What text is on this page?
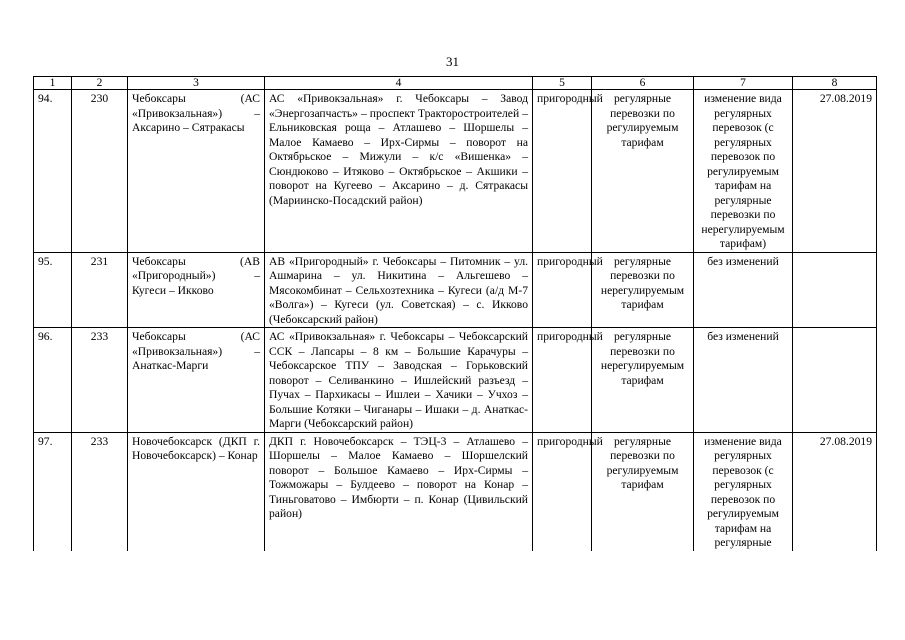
31
1	2	3	4	5	6	7	8
94.	230	Чебоксары (АС «Привокзальная») – Аксарино – Сятракасы	АС «Привокзальная» г. Чебоксары – Завод «Энергозапчасть» – проспект Тракторостроителей – Ельниковская роща – Атлашево – Шоршелы – Малое Камаево – Ирх-Сирмы – поворот на Октябрьское – Мижули – к/с «Вишенка» – Сюндюково – Итяково – Октябрьское – Акшики – поворот на Кугеево – Аксарино – д. Сятракасы (Мариинско-Посадский район)	пригородный	регулярные перевозки по регулируемым тарифам	изменение вида регулярных перевозок (с регулярных перевозок по регулируемым тарифам на регулярные перевозки по нерегулируемым тарифам)	27.08.2019
95.	231	Чебоксары (АВ «Пригородный») – Кугеси – Икково	АВ «Пригородный» г. Чебоксары – Питомник – ул. Ашмарина – ул. Никитина – Альгешево – Мясокомбинат – Сельхозтехника – Кугеси (а/д М-7 «Волга») – Кугеси (ул. Советская) – с. Икково (Чебоксарский район)	пригородный	регулярные перевозки по нерегулируемым тарифам	без изменений	
96.	233	Чебоксары (АС «Привокзальная») – Анаткас-Марги	АС «Привокзальная» г. Чебоксары – Чебоксарский ССК – Лапсары – 8 км – Большие Карачуры – Чебоксарское ТПУ – Заводская – Горьковский поворот – Селиванкино – Ишлейский разъезд – Пучах – Пархикасы – Ишлеи – Хачики – Учхоз – Большие Котяки – Чиганары – Ишаки – д. Анаткас-Марги (Чебоксарский район)	пригородный	регулярные перевозки по нерегулируемым тарифам	без изменений	
97.	233	Новочебоксарск (ДКП г. Новочебоксарск) – Конар	ДКП г. Новочебоксарск – ТЭЦ-3 – Атлашево – Шоршелы – Малое Камаево – Шоршелский поворот – Большое Камаево – Ирх-Сирмы – Тожможары – Булдеево – поворот на Конар – Тиньговатово – Имбюрти – п. Конар (Цивильский район)	пригородный	регулярные перевозки по регулируемым тарифам	изменение вида регулярных перевозок (с регулярных перевозок по регулируемым тарифам на регулярные	27.08.2019
